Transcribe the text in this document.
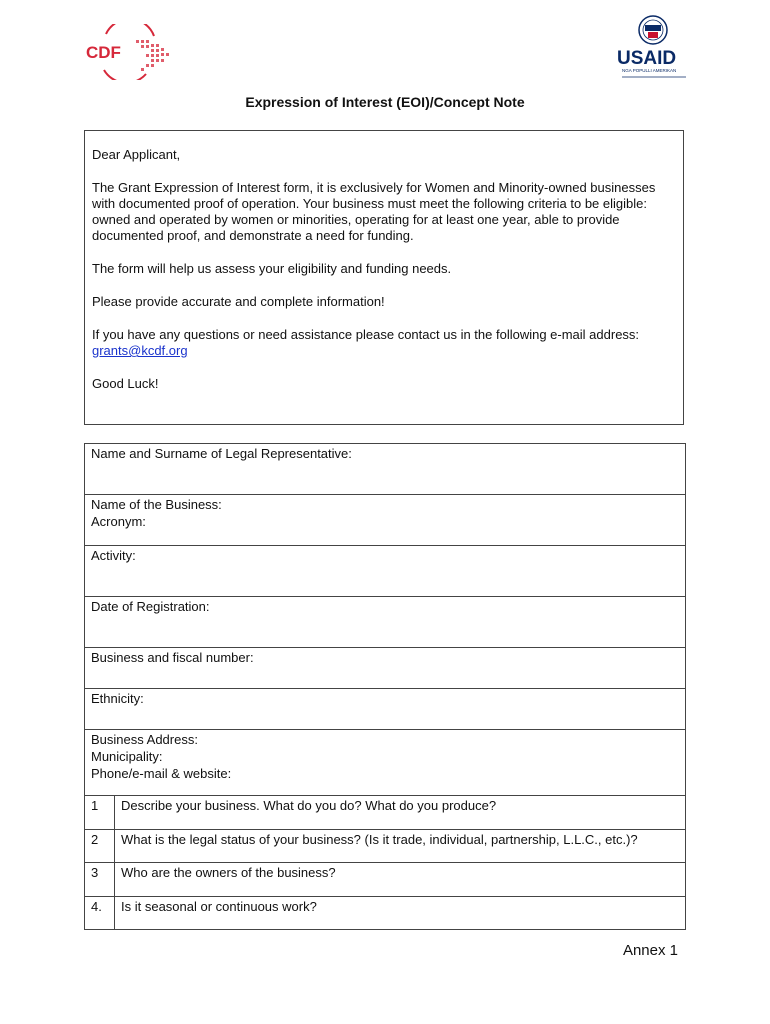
CDF	USAID
NGA POPULLI AMERIKAN
Expression of Interest (EOI)/Concept Note

Dear Applicant,

The Grant Expression of Interest form, it is exclusively for Women and Minority-owned businesses with documented proof of operation. Your business must meet the following criteria to be eligible: owned and operated by women or minorities, operating for at least one year, able to provide documented proof, and demonstrate a need for funding.

The form will help us assess your eligibility and funding needs.

Please provide accurate and complete information!

If you have any questions or need assistance please contact us in the following e-mail address:
grants@kcdf.org

Good Luck!

Name and Surname of Legal Representative:	
Name of the Business:
Acronym:	
Activity:	
Date of Registration:	
Business and fiscal number:	
Ethnicity:	
Business Address:
Municipality:
Phone/e-mail & website:	
1	Describe your business. What do you do? What do you produce?
2	What is the legal status of your business? (Is it trade, individual, partnership, L.L.C., etc.)?
3	Who are the owners of the business?
4.	Is it seasonal or continuous work?
Annex 1
